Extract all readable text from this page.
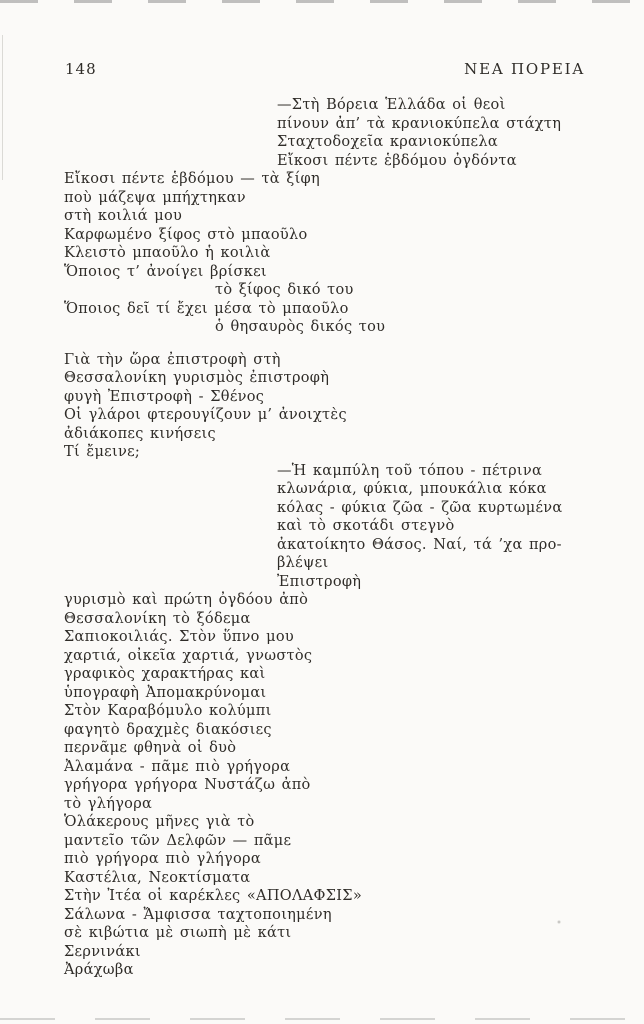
148	ΝΕΑ ΠΟΡΕΙΑ
—Στὴ Βόρεια Ἑλλάδα οἱ θεοὶ
πίνουν ἀπ’ τὰ κρανιοκύπελα στάχτη
Σταχτοδοχεῖα κρανιοκύπελα
Εἴκοσι πέντε ἑβδόμου ὀγδόντα
Εἴκοσι πέντε ἑβδόμου — τὰ ξίφη
ποὺ μάζεψα μπήχτηκαν
στὴ κοιλιά μου
Καρφωμένο ξίφος στὸ μπαοῦλο
Κλειστὸ μπαοῦλο ἡ κοιλιὰ
Ὅποιος τ’ ἀνοίγει βρίσκει
τὸ ξίφος δικό του
Ὅποιος δεῖ τί ἔχει μέσα τὸ μπαοῦλο
ὁ θησαυρὸς δικός του
Γιὰ τὴν ὥρα ἐπιστροφὴ στὴ
Θεσσαλονίκη γυρισμὸς ἐπιστροφὴ
φυγὴ Ἐπιστροφὴ - Σθένος
Οἱ γλάροι φτερουγίζουν μ’ ἀνοιχτὲς
ἀδιάκοπες κινήσεις
Τί ἔμεινε;
—Ἡ καμπύλη τοῦ τόπου - πέτρινα
κλωνάρια, φύκια, μπουκάλια κόκα
κόλας - φύκια ζῶα - ζῶα κυρτωμένα
καὶ τὸ σκοτάδι στεγνὸ
ἀκατοίκητο Θάσος. Ναί, τά ’χα προ-
βλέψει
Ἐπιστροφὴ
γυρισμὸ καὶ πρώτη ὀγδόου ἀπὸ
Θεσσαλονίκη τὸ ξόδεμα
Σαπιοκοιλιάς. Στὸν ὕπνο μου
χαρτιά, οἰκεῖα χαρτιά, γνωστὸς
γραφικὸς χαρακτήρας καὶ
ὑπογραφὴ Ἀπομακρύνομαι
Στὸν Καραβόμυλο κολύμπι
φαγητὸ δραχμὲς διακόσιες
περνᾶμε φθηνὰ οἱ δυὸ
Ἀλαμάνα - πᾶμε πιὸ γρήγορα
γρήγορα γρήγορα Νυστάζω ἀπὸ
τὸ γλήγορα
Ὁλάκερους μῆνες γιὰ τὸ
μαντεῖο τῶν Δελφῶν — πᾶμε
πιὸ γρήγορα πιὸ γλήγορα
Καστέλια, Νεοκτίσματα
Στὴν Ἰτέα οἱ καρέκλες «ΑΠΟΛΑΦΣΙΣ»
Σάλωνα - Ἄμφισσα ταχτοποιημένη
σὲ κιβώτια μὲ σιωπὴ μὲ κάτι
Σερνινάκι
Ἀράχωβα
